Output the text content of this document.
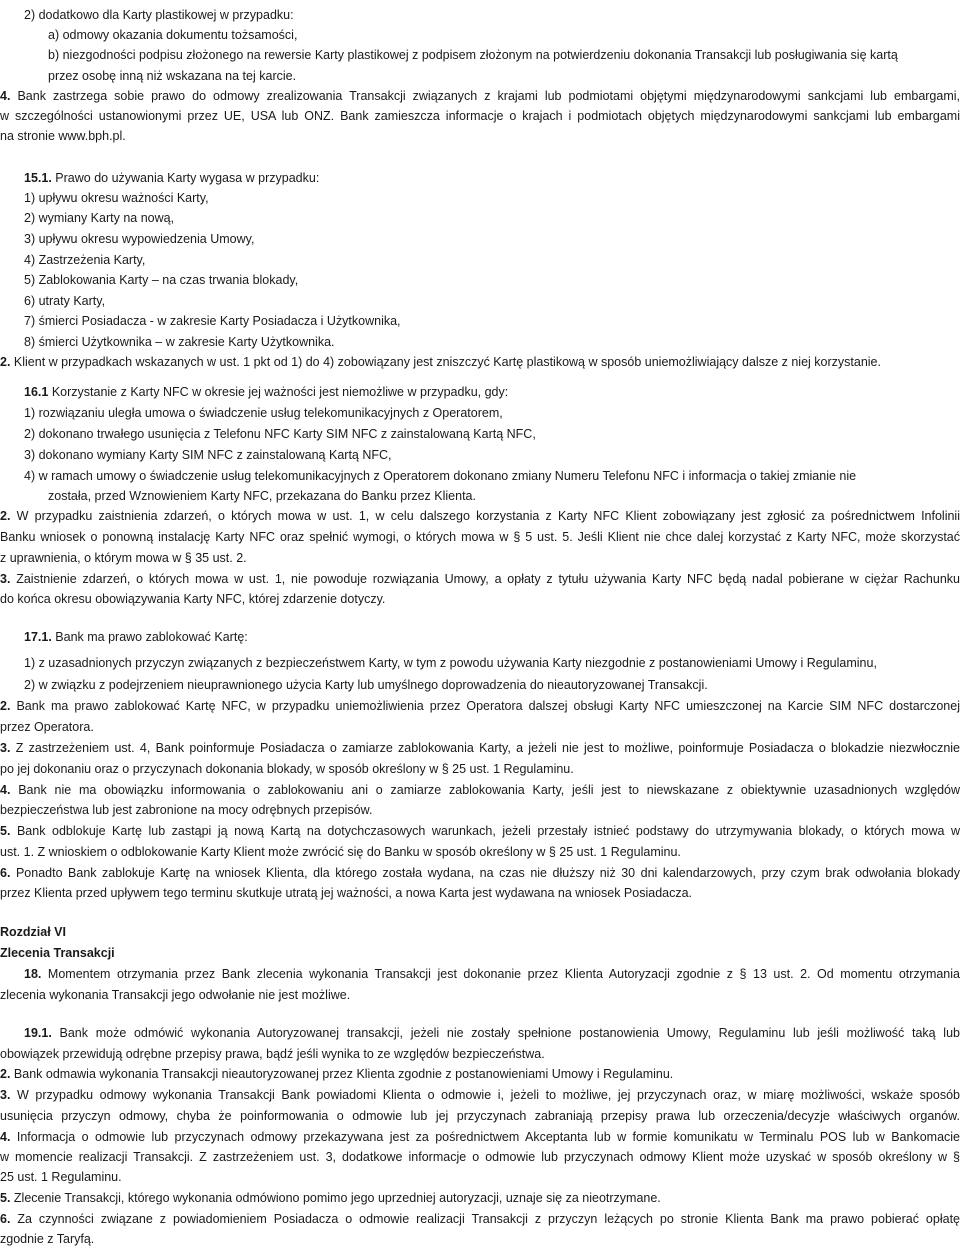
2) dodatkowo dla Karty plastikowej w przypadku:
a) odmowy okazania dokumentu tożsamości,
b) niezgodności podpisu złożonego na rewersie Karty plastikowej z podpisem złożonym na potwierdzeniu dokonania Transakcji lub posługiwania się kartą
przez osobę inną niż wskazana na tej karcie.
4. Bank zastrzega sobie prawo do odmowy zrealizowania Transakcji związanych z krajami lub podmiotami objętymi międzynarodowymi sankcjami lub embargami,
w szczególności ustanowionymi przez UE, USA lub ONZ. Bank zamieszcza informacje o krajach i podmiotach objętych międzynarodowymi sankcjami lub embargami
na stronie www.bph.pl.
15.1. Prawo do używania Karty wygasa w przypadku:
1) upływu okresu ważności Karty,
2) wymiany Karty na nową,
3) upływu okresu wypowiedzenia Umowy,
4) Zastrzeżenia Karty,
5) Zablokowania Karty – na czas trwania blokady,
6) utraty Karty,
7) śmierci Posiadacza - w zakresie Karty Posiadacza i Użytkownika,
8) śmierci Użytkownika – w zakresie Karty Użytkownika.
2. Klient w przypadkach wskazanych w ust. 1 pkt od 1) do 4) zobowiązany jest zniszczyć Kartę plastikową w sposób uniemożliwiający dalsze z niej korzystanie.
16.1 Korzystanie z Karty NFC w okresie jej ważności jest niemożliwe w przypadku, gdy:
1) rozwiązaniu uległa umowa o świadczenie usług telekomunikacyjnych z Operatorem,
2) dokonano trwałego usunięcia z Telefonu NFC Karty SIM NFC z zainstalowaną Kartą NFC,
3) dokonano wymiany Karty SIM NFC z zainstalowaną Kartą NFC,
4) w ramach umowy o świadczenie usług telekomunikacyjnych z Operatorem dokonano zmiany Numeru Telefonu NFC i informacja o takiej zmianie nie
została, przed Wznowieniem Karty NFC, przekazana do Banku przez Klienta.
2. W przypadku zaistnienia zdarzeń, o których mowa w ust. 1, w celu dalszego korzystania z Karty NFC Klient zobowiązany jest zgłosić za pośrednictwem Infolinii
Banku wniosek o ponowną instalację Karty NFC oraz spełnić wymogi, o których mowa w § 5 ust. 5. Jeśli Klient nie chce dalej korzystać z Karty NFC, może skorzystać
z uprawnienia, o którym mowa w § 35 ust. 2.
3. Zaistnienie zdarzeń, o których mowa w ust. 1, nie powoduje rozwiązania Umowy, a opłaty z tytułu używania Karty NFC będą nadal pobierane w ciężar Rachunku
do końca okresu obowiązywania Karty NFC, której zdarzenie dotyczy.
17.1. Bank ma prawo zablokować Kartę:
1) z uzasadnionych przyczyn związanych z bezpieczeństwem Karty, w tym z powodu używania Karty niezgodnie z postanowieniami Umowy i Regulaminu,
2) w związku z podejrzeniem nieuprawnionego użycia Karty lub umyślnego doprowadzenia do nieautoryzowanej Transakcji.
2. Bank ma prawo zablokować Kartę NFC, w przypadku uniemożliwienia przez Operatora dalszej obsługi Karty NFC umieszczonej na Karcie SIM NFC dostarczonej
przez Operatora.
3. Z zastrzeżeniem ust. 4, Bank poinformuje Posiadacza o zamiarze zablokowania Karty, a jeżeli nie jest to możliwe, poinformuje Posiadacza o blokadzie niezwłocznie
po jej dokonaniu oraz o przyczynach dokonania blokady, w sposób określony w § 25 ust. 1 Regulaminu.
4. Bank nie ma obowiązku informowania o zablokowaniu ani o zamiarze zablokowania Karty, jeśli jest to niewskazane z obiektywnie uzasadnionych względów
bezpieczeństwa lub jest zabronione na mocy odrębnych przepisów.
5. Bank odblokuje Kartę lub zastąpi ją nową Kartą na dotychczasowych warunkach, jeżeli przestały istnieć podstawy do utrzymywania blokady, o których mowa w
ust. 1. Z wnioskiem o odblokowanie Karty Klient może zwrócić się do Banku w sposób określony w § 25 ust. 1 Regulaminu.
6. Ponadto Bank zablokuje Kartę na wniosek Klienta, dla którego została wydana, na czas nie dłuższy niż 30 dni kalendarzowych, przy czym brak odwołania blokady
przez Klienta przed upływem tego terminu skutkuje utratą jej ważności, a nowa Karta jest wydawana na wniosek Posiadacza.
Rozdział VI
Zlecenia Transakcji
18. Momentem otrzymania przez Bank zlecenia wykonania Transakcji jest dokonanie przez Klienta Autoryzacji zgodnie z § 13 ust. 2. Od momentu otrzymania
zlecenia wykonania Transakcji jego odwołanie nie jest możliwe.
19.1. Bank może odmówić wykonania Autoryzowanej transakcji, jeżeli nie zostały spełnione postanowienia Umowy, Regulaminu lub jeśli możliwość taką lub
obowiązek przewidują odrębne przepisy prawa, bądź jeśli wynika to ze względów bezpieczeństwa.
2. Bank odmawia wykonania Transakcji nieautoryzowanej przez Klienta zgodnie z postanowieniami Umowy i Regulaminu.
3. W przypadku odmowy wykonania Transakcji Bank powiadomi Klienta o odmowie i, jeżeli to możliwe, jej przyczynach oraz, w miarę możliwości, wskaże sposób
usunięcia przyczyn odmowy, chyba że poinformowania o odmowie lub jej przyczynach zabraniają przepisy prawa lub orzeczenia/decyzje właściwych organów.
4. Informacja o odmowie lub przyczynach odmowy przekazywana jest za pośrednictwem Akceptanta lub w formie komunikatu w Terminalu POS lub w Bankomacie
w momencie realizacji Transakcji. Z zastrzeżeniem ust. 3, dodatkowe informacje o odmowie lub przyczynach odmowy Klient może uzyskać w sposób określony w §
25 ust. 1 Regulaminu.
5. Zlecenie Transakcji, którego wykonania odmówiono pomimo jego uprzedniej autoryzacji, uznaje się za nieotrzymane.
6. Za czynności związane z powiadomieniem Posiadacza o odmowie realizacji Transakcji z przyczyn leżących po stronie Klienta Bank ma prawo pobierać opłatę
zgodnie z Taryfą.
